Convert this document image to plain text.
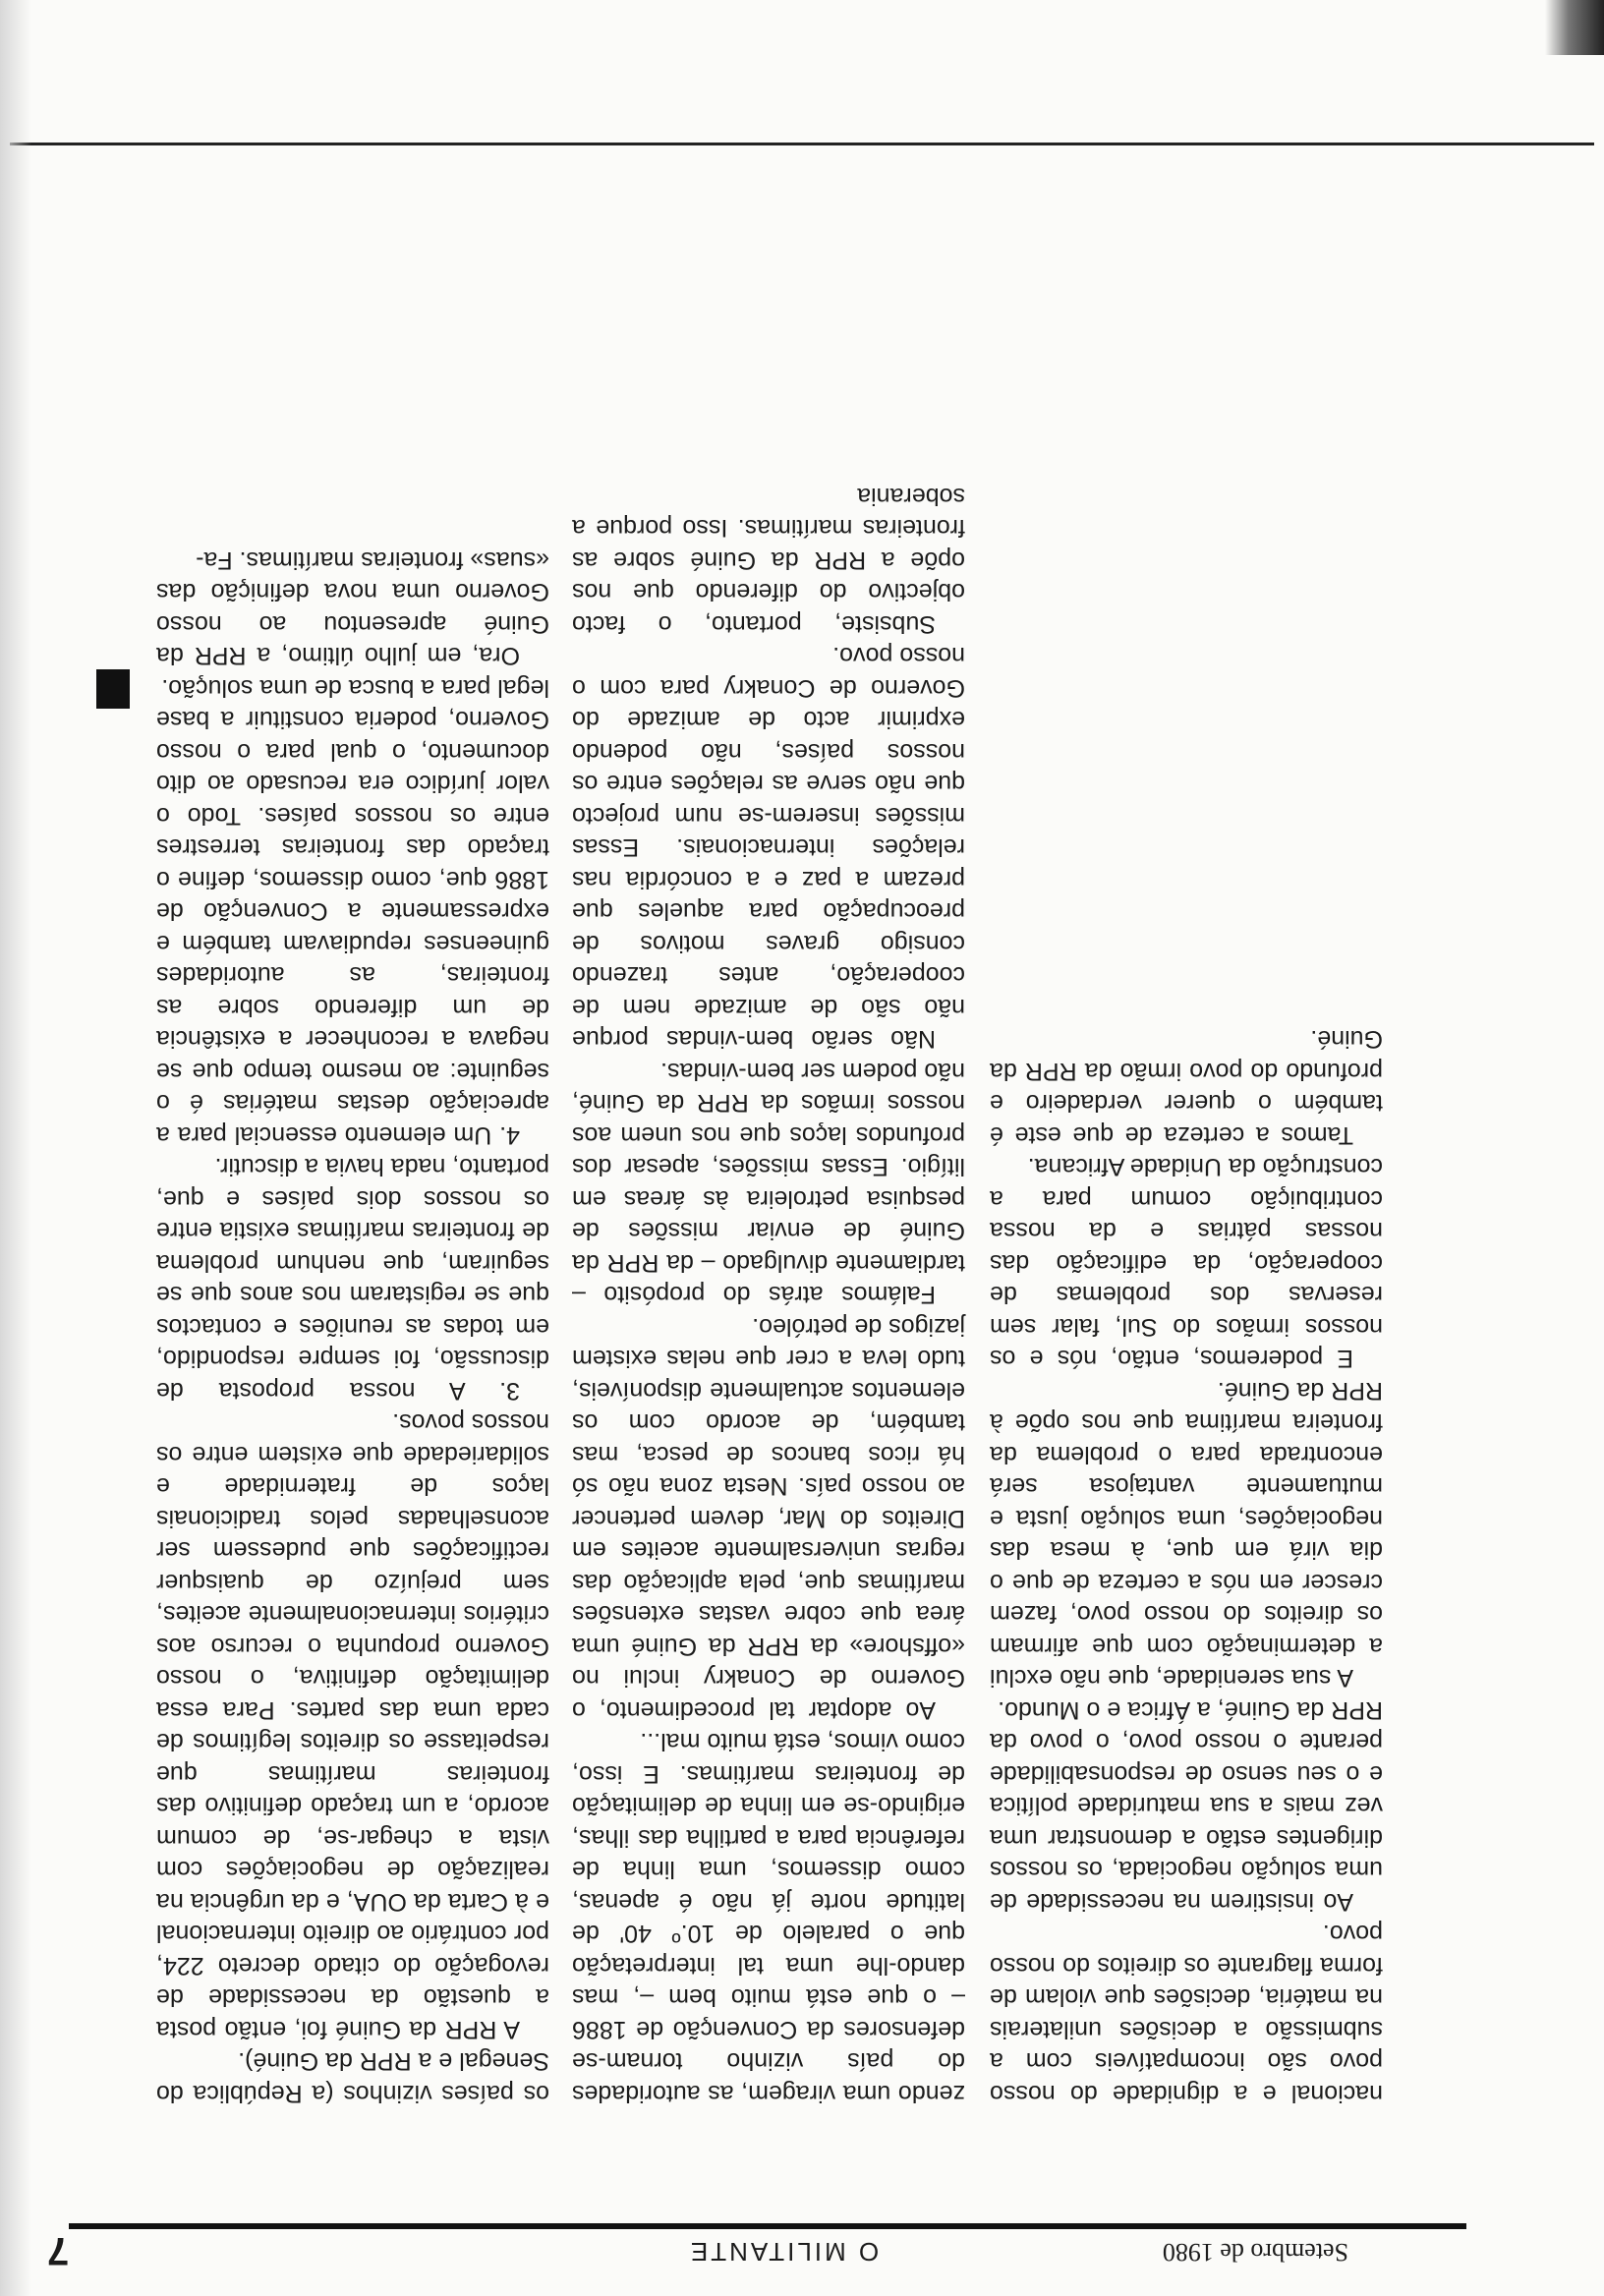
7	O MILITANTE	Setembro de 1980

os países vizinhos (a República do Senegal e a RPR da Guiné).

A RPR da Guiné foi, então posta a questão da necessidade de revogação do citado decreto 224, por contrário ao direito internacional e à Carta da OUA, e da urgência na realização de negociações com vista a chegar-se, de comum acordo, a um traçado definitivo das fronteiras marítimas que respeitasse os direitos legítimos de cada uma das partes. Para essa delimitação definitiva, o nosso Governo propunha o recurso aos critérios internacionalmente aceites, sem prejuízo de quaisquer rectificações que pudessem ser aconselhadas pelos tradicionais laços de fraternidade e solidariedade que existem entre os nossos povos.

3. A nossa proposta de discussão, foi sempre respondido, em todas as reuniões e contactos que se registaram nos anos que se seguiram, que nenhum problema de fronteiras marítimas existia entre os nossos dois países e que, portanto, nada havia a discutir.

4. Um elemento essencial para a apreciação destas matérias é o seguinte: ao mesmo tempo que se negava a reconhecer a existência de um diferendo sobre as fronteiras, as autoridades guineenses repudiavam também e expressamente a Convenção de 1886 que, como dissemos, define o traçado das fronteiras terrestres entre os nossos países. Todo o valor jurídico era recusado ao dito documento, o qual para o nosso Governo, poderia constituir a base legal para a busca de uma solução.

Ora, em julho último, a RPR da Guiné apresentou ao nosso Governo uma nova definição das «suas» fronteiras marítimas. Fa-

zendo uma viragem, as autoridades do país vizinho tornam-se defensores da Convenção de 1886 – o que está muito bem –, mas dando-lhe uma tal interpretação que o paralelo de 10.º 40' de latitude norte já não é apenas, como dissemos, uma linha de referência para a partilha das ilhas, erigindo-se em linha de delimitação de fronteiras marítimas. E isso, como vimos, está muito mal...

Ao adoptar tal procedimento, o Governo de Conakry inclui no «offshore» da RPR da Guiné uma área que cobre vastas extensões marítimas que, pela aplicação das regras universalmente aceites em Direitos do Mar, devem pertencer ao nosso país. Nesta zona não só há ricos bancos de pesca, mas também, de acordo com os elementos actualmente disponíveis, tudo leva a crer que nelas existem jazigos de petróleo.

Falámos atrás do propósito – tardiamente divulgado – da RPR da Guiné de enviar missões de pesquisa petroleira às áreas em litígio. Essas missões, apesar dos profundos laços que nos unem aos nossos irmãos da RPR da Guiné, não podem ser bem-vindas.

Não serão bem-vindas porque não são de amizade nem de cooperação, antes trazendo consigo graves motivos de preocupação para aqueles que prezam a paz e a concórdia nas relações internacionais. Essas missões inserem-se num projecto que não serve as relações entre os nossos países, não podendo exprimir acto de amizade do Governo de Conakry para com o nosso povo.

Subsiste, portanto, o facto objectivo do diferendo que nos opõe a RPR da Guiné sobre as fronteiras marítimas. Isso porque a soberania

nacional e a dignidade do nosso povo são incompatíveis com a submissão a decisões unilaterais na matéria, decisões que violam de forma flagrante os direitos do nosso povo.

Ao insistirem na necessidade de uma solução negociada, os nossos dirigentes estão a demonstrar uma vez mais a sua maturidade política e o seu senso de responsabilidade perante o nosso povo, o povo da RPR da Guiné, a África e o Mundo.

A sua serenidade, que não exclui a determinação com que afirmam os direitos do nosso povo, fazem crescer em nós a certeza de que o dia virá em que, à mesa das negociações, uma solução justa e mutuamente vantajosa será encontrada para o problema da fronteira marítima que nos opõe à RPR da Guiné.

E poderemos, então, nós e os nossos irmãos do Sul, falar sem reservas dos problemas de cooperação, da edificação das nossas pátrias e da nossa contribuição comum para a construção da Unidade Africana.

Tamos a certeza de que este é também o querer verdadeiro e profundo do povo irmão da RPR da Guiné.
